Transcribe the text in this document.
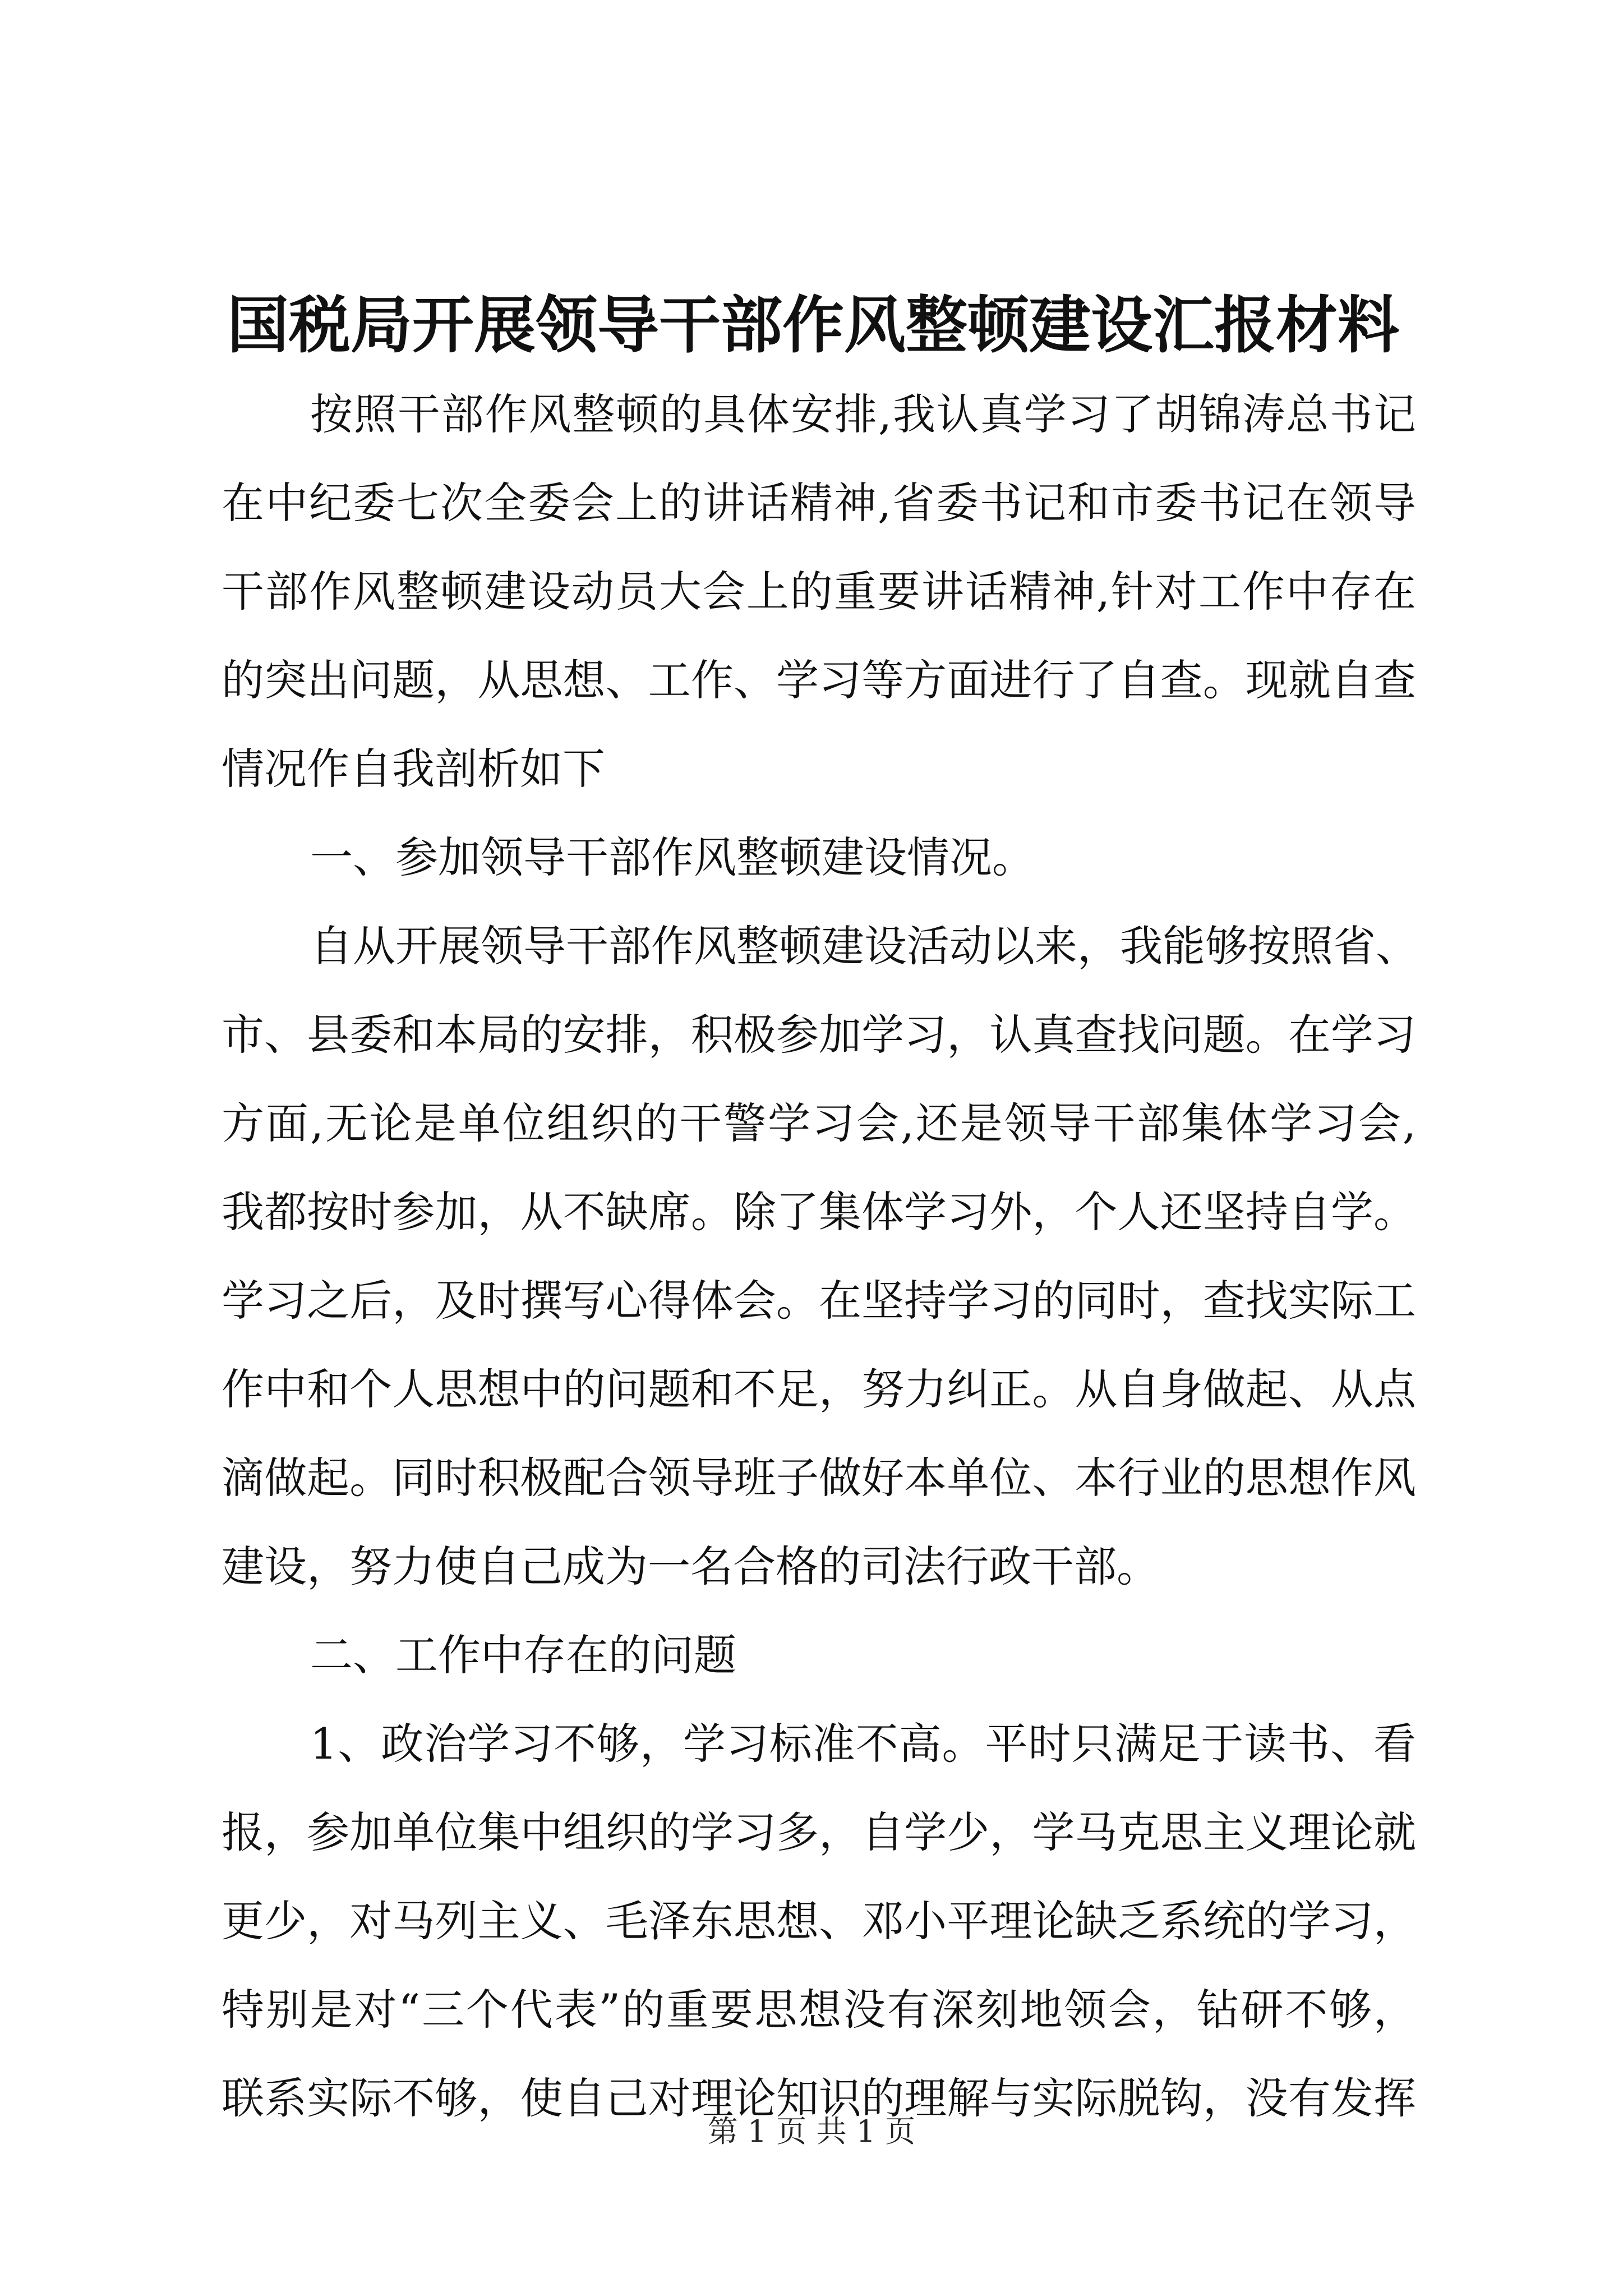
国税局开展领导干部作风整顿建设汇报材料
按照干部作风整顿的具体安排,我认真学习了胡锦涛总书记
在中纪委七次全委会上的讲话精神,省委书记和市委书记在领导
干部作风整顿建设动员大会上的重要讲话精神,针对工作中存在
的突出问题，从思想、工作、学习等方面进行了自查。现就自查
情况作自我剖析如下
一、参加领导干部作风整顿建设情况。
自从开展领导干部作风整顿建设活动以来，我能够按照省、
市、县委和本局的安排，积极参加学习，认真查找问题。在学习
方面,无论是单位组织的干警学习会,还是领导干部集体学习会,
我都按时参加，从不缺席。除了集体学习外，个人还坚持自学。
学习之后，及时撰写心得体会。在坚持学习的同时，查找实际工
作中和个人思想中的问题和不足，努力纠正。从自身做起、从点
滴做起。同时积极配合领导班子做好本单位、本行业的思想作风
建设，努力使自己成为一名合格的司法行政干部。
二、工作中存在的问题
1、政治学习不够，学习标准不高。平时只满足于读书、看
报，参加单位集中组织的学习多，自学少，学马克思主义理论就
更少，对马列主义、毛泽东思想、邓小平理论缺乏系统的学习，
特别是对“三个代表”的重要思想没有深刻地领会，钻研不够，
联系实际不够，使自己对理论知识的理解与实际脱钩，没有发挥
第 1 页 共 1 页
